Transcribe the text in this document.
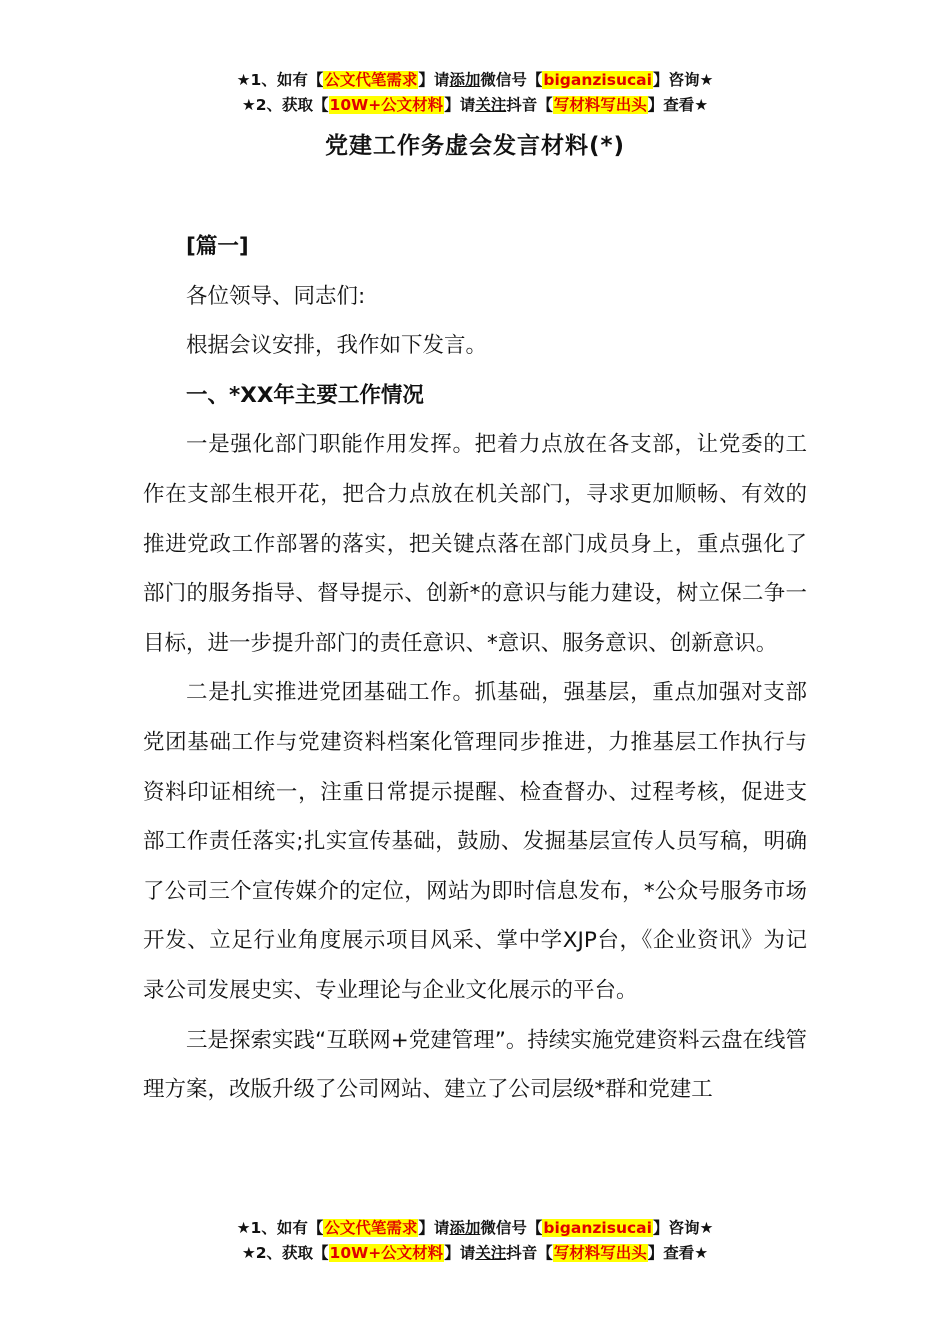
★1、如有【公文代笔需求】请添加微信号【biganzisucai】咨询★
★2、获取【10W+公文材料】请关注抖音【写材料写出头】查看★
党建工作务虚会发言材料(*)

[篇一]

各位领导、同志们:

根据会议安排，我作如下发言。

一、*XX年主要工作情况

一是强化部门职能作用发挥。把着力点放在各支部，让党委的工作在支部生根开花，把合力点放在机关部门，寻求更加顺畅、有效的推进党政工作部署的落实，把关键点落在部门成员身上，重点强化了部门的服务指导、督导提示、创新*的意识与能力建设，树立保二争一目标，进一步提升部门的责任意识、*意识、服务意识、创新意识。

二是扎实推进党团基础工作。抓基础，强基层，重点加强对支部党团基础工作与党建资料档案化管理同步推进，力推基层工作执行与资料印证相统一，注重日常提示提醒、检查督办、过程考核，促进支部工作责任落实;扎实宣传基础，鼓励、发掘基层宣传人员写稿，明确了公司三个宣传媒介的定位，网站为即时信息发布，*公众号服务市场开发、立足行业角度展示项目风采、掌中学XJP台，《企业资讯》为记录公司发展史实、专业理论与企业文化展示的平台。

三是探索实践“互联网+党建管理”。持续实施党建资料云盘在线管理方案，改版升级了公司网站、建立了公司层级*群和党建工

★1、如有【公文代笔需求】请添加微信号【biganzisucai】咨询★
★2、获取【10W+公文材料】请关注抖音【写材料写出头】查看★
